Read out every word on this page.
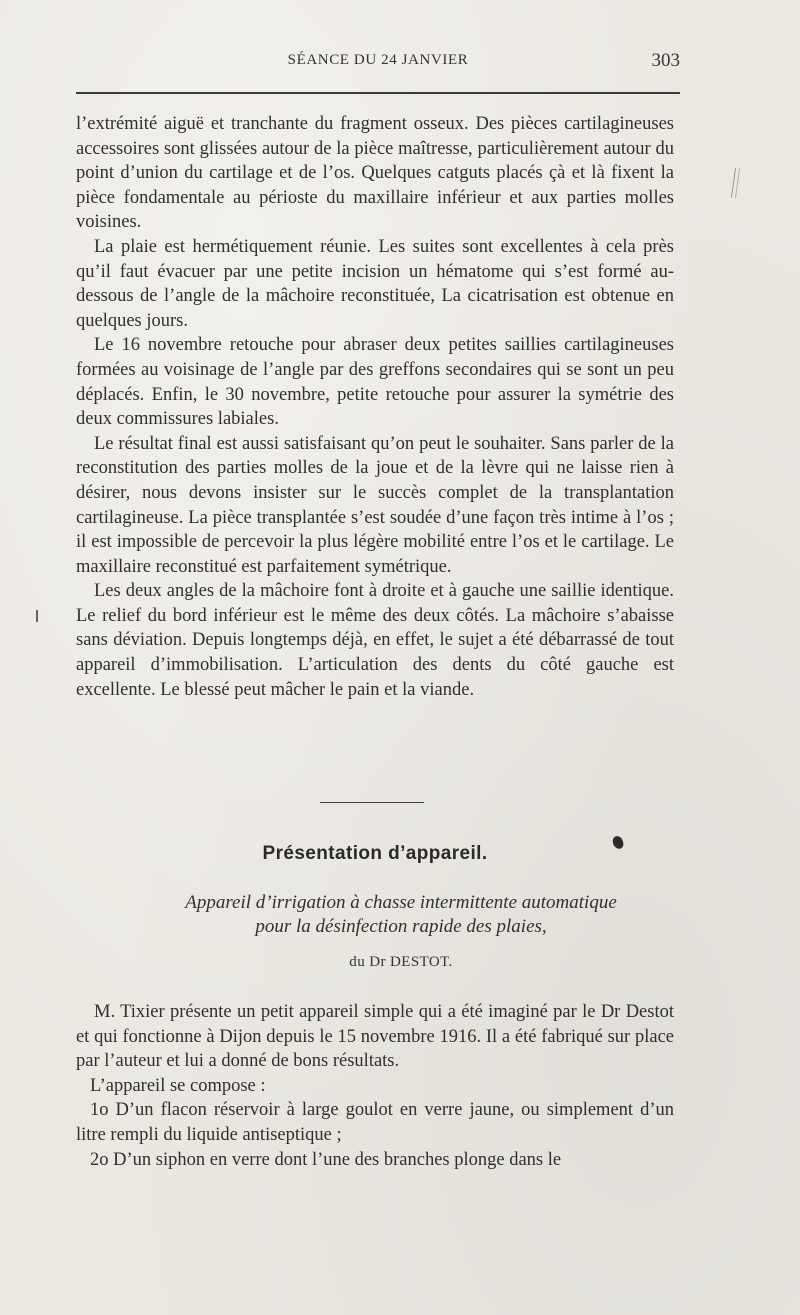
SÉANCE DU 24 JANVIER	303

l’extrémité aiguë et tranchante du fragment osseux. Des pièces cartilagineuses accessoires sont glissées autour de la pièce maîtresse, particulièrement autour du point d’union du cartilage et de l’os. Quelques catguts placés çà et là fixent la pièce fondamentale au périoste du maxillaire inférieur et aux parties molles voisines.

La plaie est hermétiquement réunie. Les suites sont excellentes à cela près qu’il faut évacuer par une petite incision un hématome qui s’est formé au-dessous de l’angle de la mâchoire reconstituée, La cicatrisation est obtenue en quelques jours.

Le 16 novembre retouche pour abraser deux petites saillies cartilagineuses formées au voisinage de l’angle par des greffons secondaires qui se sont un peu déplacés. Enfin, le 30 novembre, petite retouche pour assurer la symétrie des deux commissures labiales.

Le résultat final est aussi satisfaisant qu’on peut le souhaiter. Sans parler de la reconstitution des parties molles de la joue et de la lèvre qui ne laisse rien à désirer, nous devons insister sur le succès complet de la transplantation cartilagineuse. La pièce transplantée s’est soudée d’une façon très intime à l’os ; il est impossible de percevoir la plus légère mobilité entre l’os et le cartilage. Le maxillaire reconstitué est parfaitement symétrique.

Les deux angles de la mâchoire font à droite et à gauche une saillie identique. Le relief du bord inférieur est le même des deux côtés. La mâchoire s’abaisse sans déviation. Depuis longtemps déjà, en effet, le sujet a été débarrassé de tout appareil d’immobilisation. L’articulation des dents du côté gauche est excellente. Le blessé peut mâcher le pain et la viande.

Présentation d’appareil.
Appareil d’irrigation à chasse intermittente automatique
pour la désinfection rapide des plaies,
du Dr DESTOT.

M. Tixier présente un petit appareil simple qui a été imaginé par le Dr Destot et qui fonctionne à Dijon depuis le 15 novembre 1916. Il a été fabriqué sur place par l’auteur et lui a donné de bons résultats.

L’appareil se compose :

1o D’un flacon réservoir à large goulot en verre jaune, ou simplement d’un litre rempli du liquide antiseptique ;

2o D’un siphon en verre dont l’une des branches plonge dans le
